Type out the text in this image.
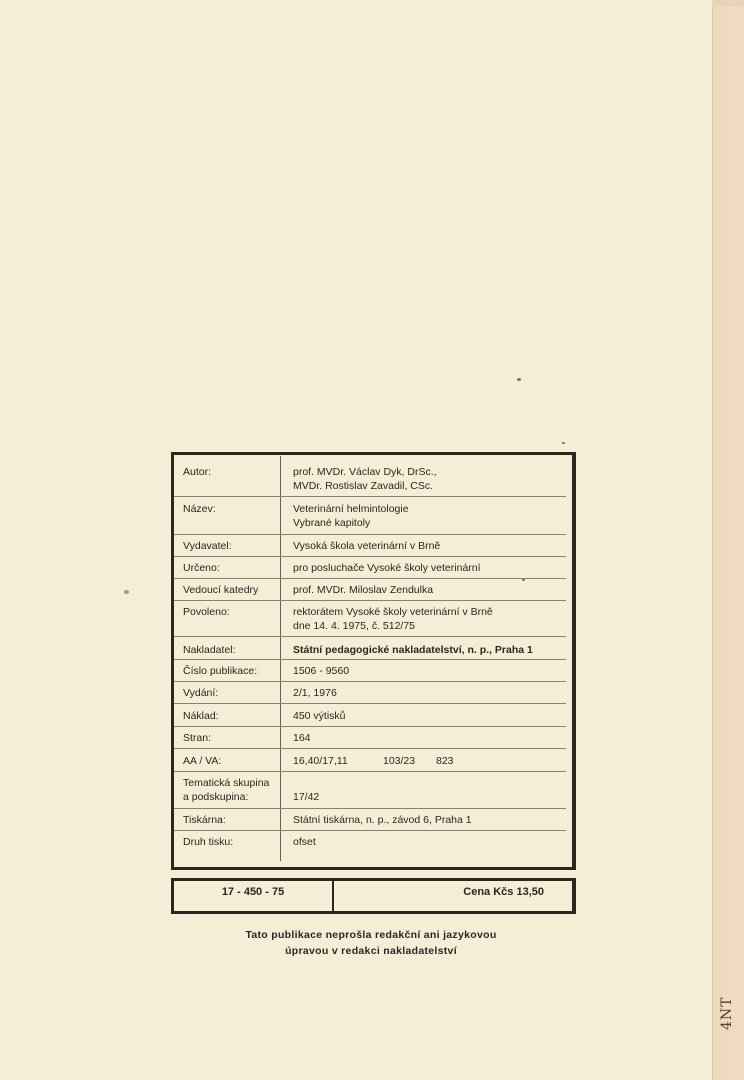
4NT
Autor:	prof. MVDr. Václav Dyk, DrSc.,
MVDr. Rostislav Zavadil, CSc.
Název:	Veterinární helmintologie
Vybrané kapitoly
Vydavatel:	Vysoká škola veterinární v Brně
Určeno:	pro posluchače Vysoké školy veterinární
Vedoucí katedry	prof. MVDr. Miloslav Zendulka
Povoleno:	rektorátem Vysoké školy veterinární v Brně
dne 14. 4. 1975, č. 512/75
Nakladatel:	Státní pedagogické nakladatelství, n. p., Praha 1
Číslo publikace:	1506 - 9560
Vydání:	2/1, 1976
Náklad:	450 výtisků
Stran:	164
AA / VA:	16,40/17,11	103/23 823
Tematická skupina
a podskupina:	17/42
Tiskárna:	Státní tiskárna, n. p., závod 6, Praha 1
Druh tisku:	ofset
17 - 450 - 75	Cena Kčs 13,50
Tato publikace neprošla redakční ani jazykovou
úpravou v redakci nakladatelství
